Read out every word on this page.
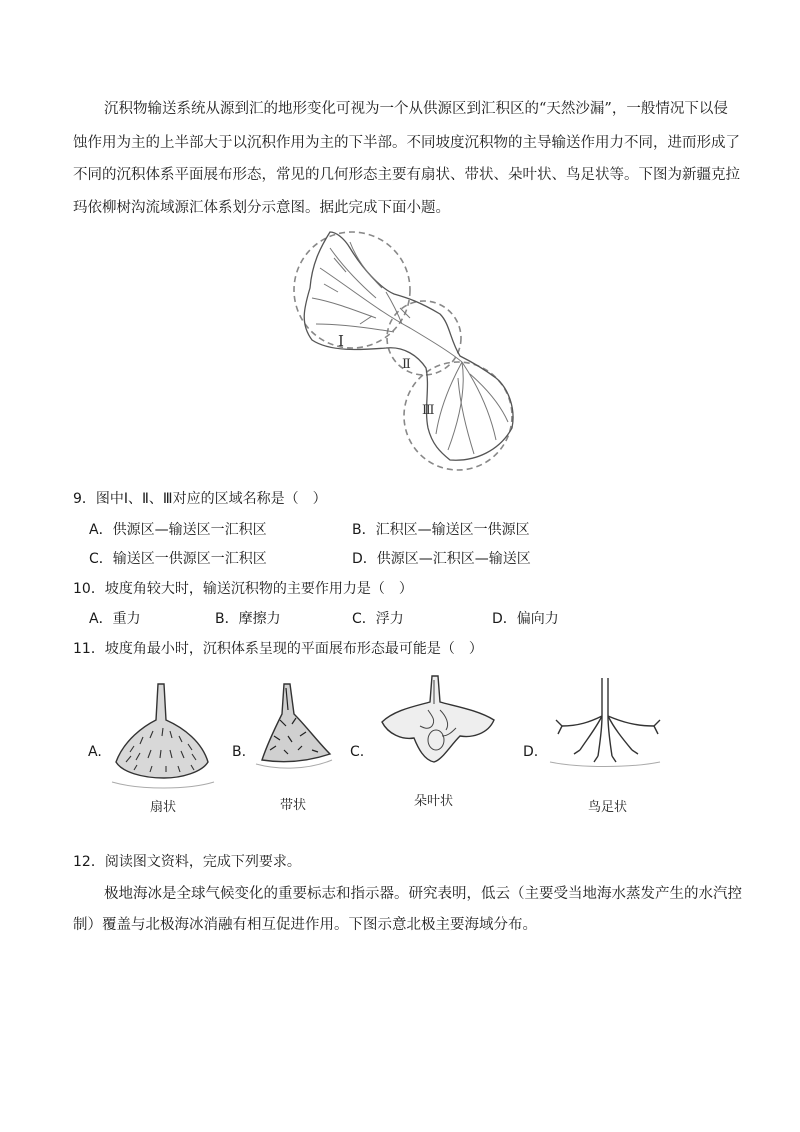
沉积物输送系统从源到汇的地形变化可视为一个从供源区到汇积区的“天然沙漏”，一般情况下以侵
蚀作用为主的上半部大于以沉积作用为主的下半部。不同坡度沉积物的主导输送作用力不同，进而形成了
不同的沉积体系平面展布形态，常见的几何形态主要有扇状、带状、朵叶状、鸟足状等。下图为新疆克拉
玛依柳树沟流域源汇体系划分示意图。据此完成下面小题。
Ⅰ
Ⅱ
Ⅲ
9．图中Ⅰ、Ⅱ、Ⅲ对应的区域名称是（　）
A．供源区—输送区一汇积区	B．汇积区—输送区一供源区
C．输送区一供源区一汇积区	D．供源区—汇积区—输送区
10．坡度角较大时，输送沉积物的主要作用力是（　）
A．重力	B．摩擦力	C．浮力	D．偏向力
11．坡度角最小时，沉积体系呈现的平面展布形态最可能是（　）
A.	B.	C.	D.
扇状	带状	朵叶状	鸟足状
12．阅读图文资料，完成下列要求。
极地海冰是全球气候变化的重要标志和指示器。研究表明，低云（主要受当地海水蒸发产生的水汽控
制）覆盖与北极海冰消融有相互促进作用。下图示意北极主要海域分布。
